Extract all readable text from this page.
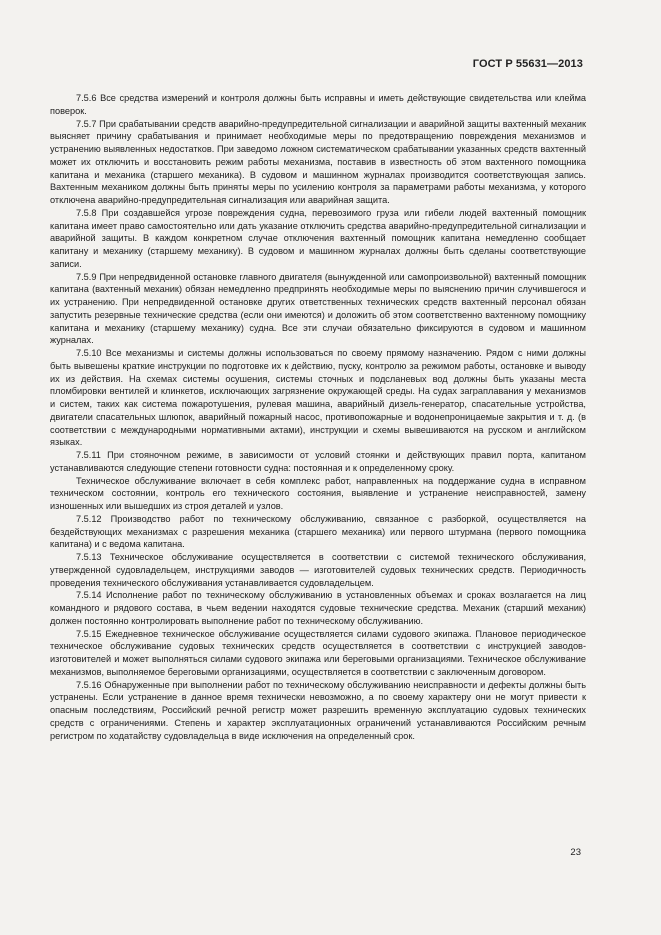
ГОСТ Р 55631—2013

7.5.6 Все средства измерений и контроля должны быть исправны и иметь действующие свидетельства или клейма поверок.

7.5.7 При срабатывании средств аварийно-предупредительной сигнализации и аварийной защиты вахтенный механик выясняет причину срабатывания и принимает необходимые меры по предотвращению повреждения механизмов и устранению выявленных недостатков. При заведомо ложном систематическом срабатывании указанных средств вахтенный может их отключить и восстановить режим работы механизма, поставив в известность об этом вахтенного помощника капитана и механика (старшего механика). В судовом и машинном журналах производится соответствующая запись. Вахтенным механиком должны быть приняты меры по усилению контроля за параметрами работы механизма, у которого отключена аварийно-предупредительная сигнализация или аварийная защита.

7.5.8 При создавшейся угрозе повреждения судна, перевозимого груза или гибели людей вахтенный помощник капитана имеет право самостоятельно или дать указание отключить средства аварийно-предупредительной сигнализации и аварийной защиты. В каждом конкретном случае отключения вахтенный помощник капитана немедленно сообщает капитану и механику (старшему механику). В судовом и машинном журналах должны быть сделаны соответствующие записи.

7.5.9 При непредвиденной остановке главного двигателя (вынужденной или самопроизвольной) вахтенный помощник капитана (вахтенный механик) обязан немедленно предпринять необходимые меры по выяснению причин случившегося и их устранению. При непредвиденной остановке других ответственных технических средств вахтенный персонал обязан запустить резервные технические средства (если они имеются) и доложить об этом соответственно вахтенному помощнику капитана и механику (старшему механику) судна. Все эти случаи обязательно фиксируются в судовом и машинном журналах.

7.5.10 Все механизмы и системы должны использоваться по своему прямому назначению. Рядом с ними должны быть вывешены краткие инструкции по подготовке их к действию, пуску, контролю за режимом работы, остановке и выводу их из действия. На схемах системы осушения, системы сточных и подсланевых вод должны быть указаны места пломбировки вентилей и клинкетов, исключающих загрязнение окружающей среды. На судах заграплавания у механизмов и систем, таких как система пожаротушения, рулевая машина, аварийный дизель-генератор, спасательные устройства, двигатели спасательных шлюпок, аварийный пожарный насос, противопожарные и водонепроницаемые закрытия и т. д. (в соответствии с международными нормативными актами), инструкции и схемы вывешиваются на русском и английском языках.

7.5.11 При стояночном режиме, в зависимости от условий стоянки и действующих правил порта, капитаном устанавливаются следующие степени готовности судна: постоянная и к определенному сроку.

Техническое обслуживание включает в себя комплекс работ, направленных на поддержание судна в исправном техническом состоянии, контроль его технического состояния, выявление и устранение неисправностей, замену изношенных или вышедших из строя деталей и узлов.

7.5.12 Производство работ по техническому обслуживанию, связанное с разборкой, осуществляется на бездействующих механизмах с разрешения механика (старшего механика) или первого штурмана (первого помощника капитана) и с ведома капитана.

7.5.13 Техническое обслуживание осуществляется в соответствии с системой технического обслуживания, утвержденной судовладельцем, инструкциями заводов — изготовителей судовых технических средств. Периодичность проведения технического обслуживания устанавливается судовладельцем.

7.5.14 Исполнение работ по техническому обслуживанию в установленных объемах и сроках возлагается на лиц командного и рядового состава, в чьем ведении находятся судовые технические средства. Механик (старший механик) должен постоянно контролировать выполнение работ по техническому обслуживанию.

7.5.15 Ежедневное техническое обслуживание осуществляется силами судового экипажа. Плановое периодическое техническое обслуживание судовых технических средств осуществляется в соответствии с инструкцией заводов-изготовителей и может выполняться силами судового экипажа или береговыми организациями. Техническое обслуживание механизмов, выполняемое береговыми организациями, осуществляется в соответствии с заключенным договором.

7.5.16 Обнаруженные при выполнении работ по техническому обслуживанию неисправности и дефекты должны быть устранены. Если устранение в данное время технически невозможно, а по своему характеру они не могут привести к опасным последствиям, Российский речной регистр может разрешить временную эксплуатацию судовых технических средств с ограничениями. Степень и характер эксплуатационных ограничений устанавливаются Российским речным регистром по ходатайству судовладельца в виде исключения на определенный срок.

23
